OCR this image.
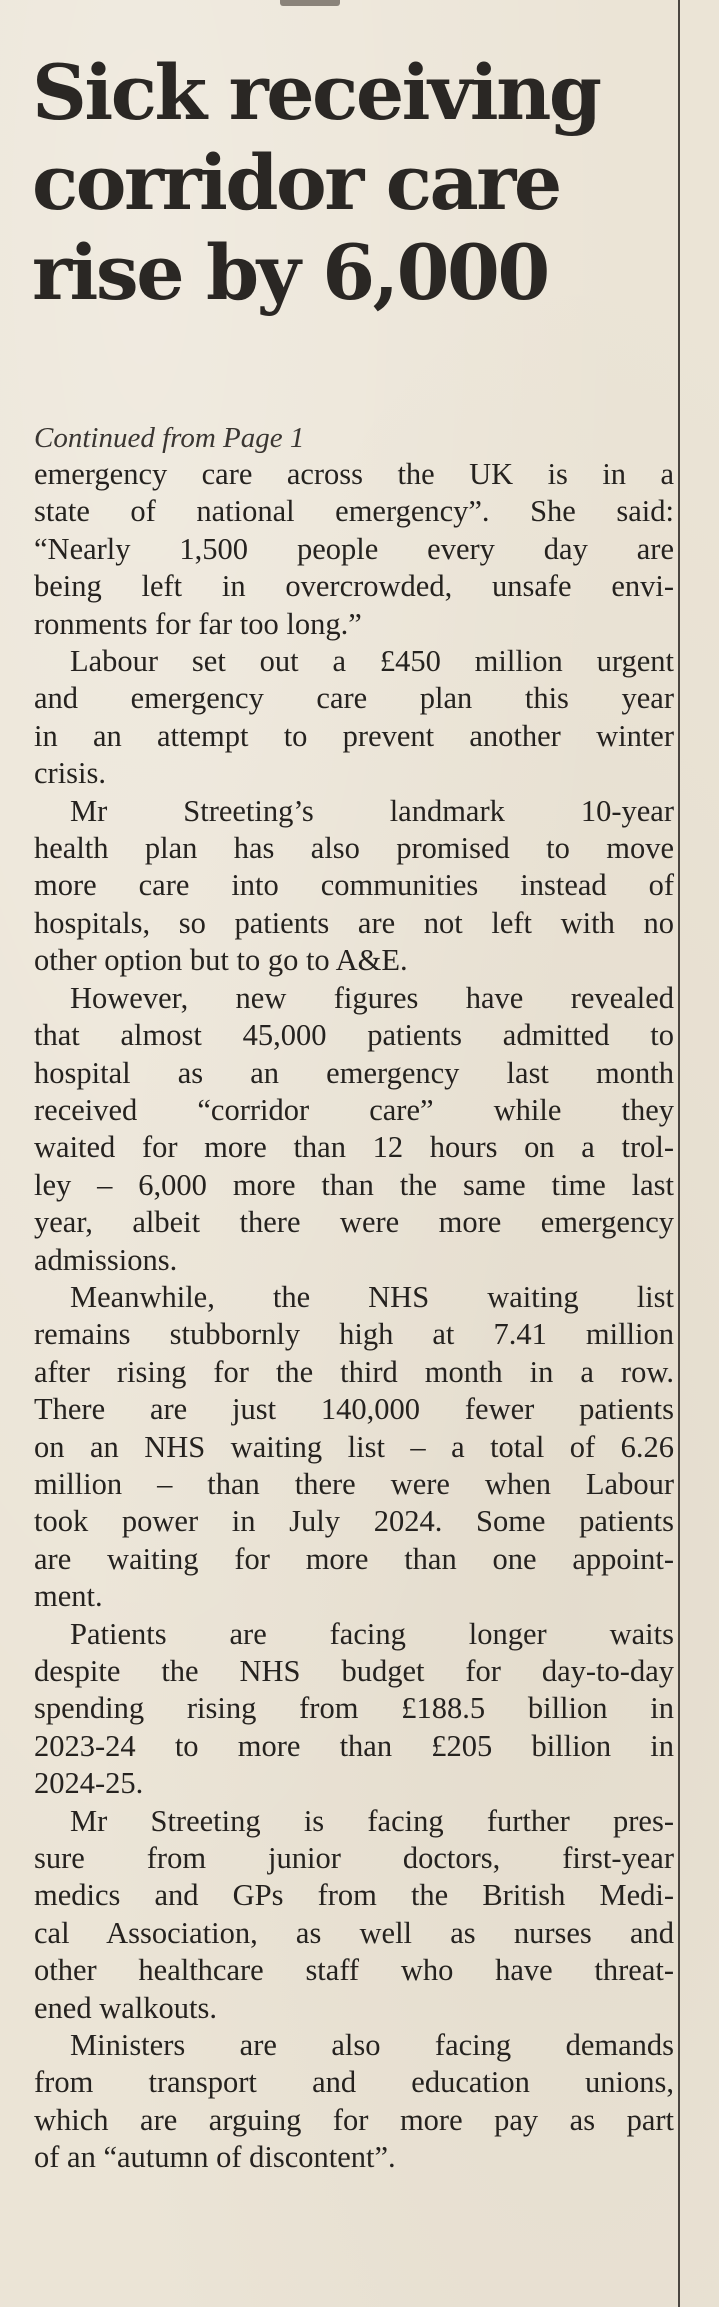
Sick receiving
corridor care
rise by 6,000

Continued from Page 1

emergency care across the UK is in a
state of national emergency”. She said:
“Nearly 1,500 people every day are
being left in overcrowded, unsafe envi-
ronments for far too long.”

Labour set out a £450 million urgent
and emergency care plan this year
in an attempt to prevent another winter
crisis.

Mr Streeting’s landmark 10-year
health plan has also promised to move
more care into communities instead of
hospitals, so patients are not left with no
other option but to go to A&E.

However, new figures have revealed
that almost 45,000 patients admitted to
hospital as an emergency last month
received “corridor care” while they
waited for more than 12 hours on a trol-
ley – 6,000 more than the same time last
year, albeit there were more emergency
admissions.

Meanwhile, the NHS waiting list
remains stubbornly high at 7.41 million
after rising for the third month in a row.
There are just 140,000 fewer patients
on an NHS waiting list – a total of 6.26
million – than there were when Labour
took power in July 2024. Some patients
are waiting for more than one appoint-
ment.

Patients are facing longer waits
despite the NHS budget for day-to-day
spending rising from £188.5 billion in
2023-24 to more than £205 billion in
2024-25.

Mr Streeting is facing further pres-
sure from junior doctors, first-year
medics and GPs from the British Medi-
cal Association, as well as nurses and
other healthcare staff who have threat-
ened walkouts.

Ministers are also facing demands
from transport and education unions,
which are arguing for more pay as part
of an “autumn of discontent”.
